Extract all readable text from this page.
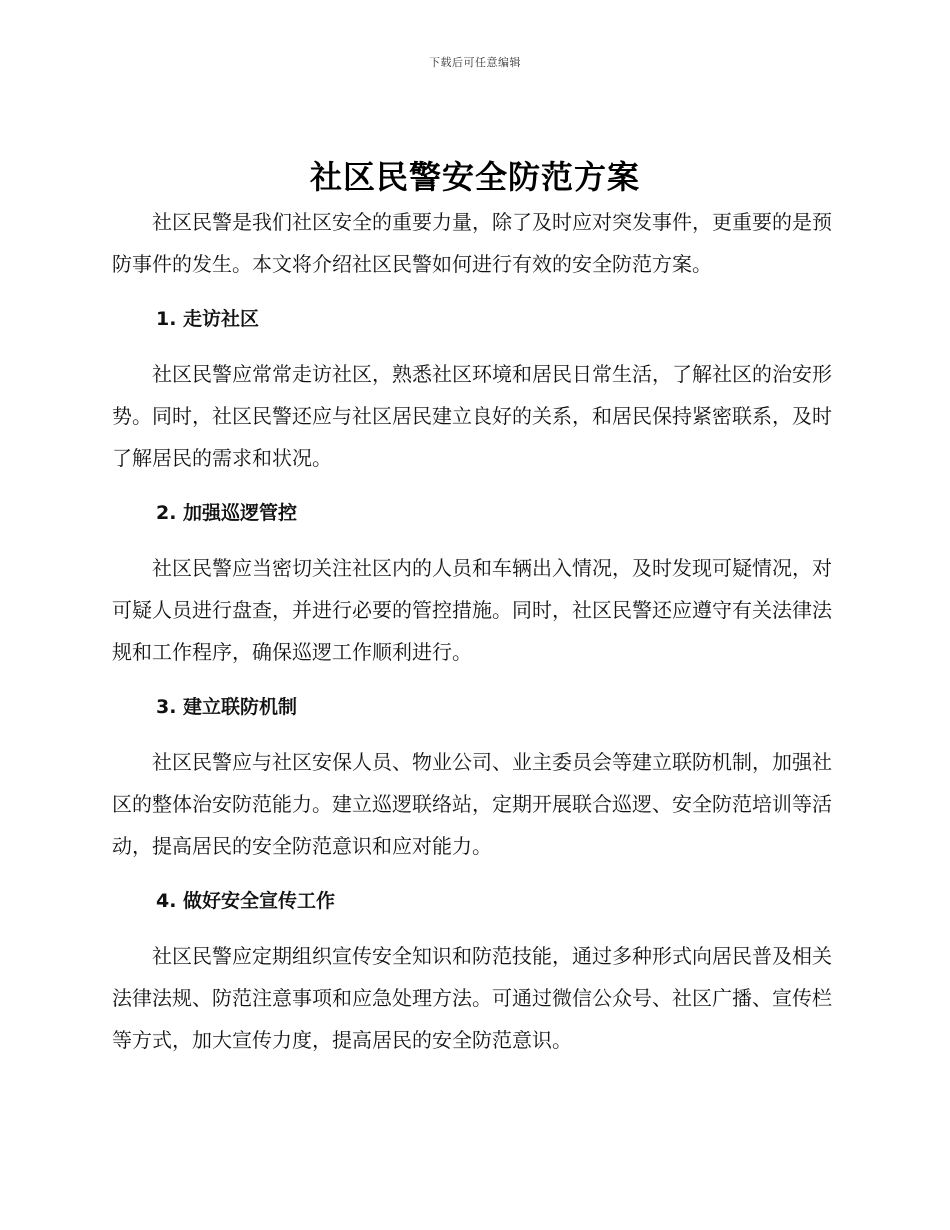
下载后可任意编辑
社区民警安全防范方案

社区民警是我们社区安全的重要力量，除了及时应对突发事件，更重要的是预防事件的发生。本文将介绍社区民警如何进行有效的安全防范方案。

1. 走访社区

社区民警应常常走访社区，熟悉社区环境和居民日常生活，了解社区的治安形势。同时，社区民警还应与社区居民建立良好的关系，和居民保持紧密联系，及时了解居民的需求和状况。

2. 加强巡逻管控

社区民警应当密切关注社区内的人员和车辆出入情况，及时发现可疑情况，对可疑人员进行盘查，并进行必要的管控措施。同时，社区民警还应遵守有关法律法规和工作程序，确保巡逻工作顺利进行。

3. 建立联防机制

社区民警应与社区安保人员、物业公司、业主委员会等建立联防机制，加强社区的整体治安防范能力。建立巡逻联络站，定期开展联合巡逻、安全防范培训等活动，提高居民的安全防范意识和应对能力。

4. 做好安全宣传工作

社区民警应定期组织宣传安全知识和防范技能，通过多种形式向居民普及相关法律法规、防范注意事项和应急处理方法。可通过微信公众号、社区广播、宣传栏等方式，加大宣传力度，提高居民的安全防范意识。
